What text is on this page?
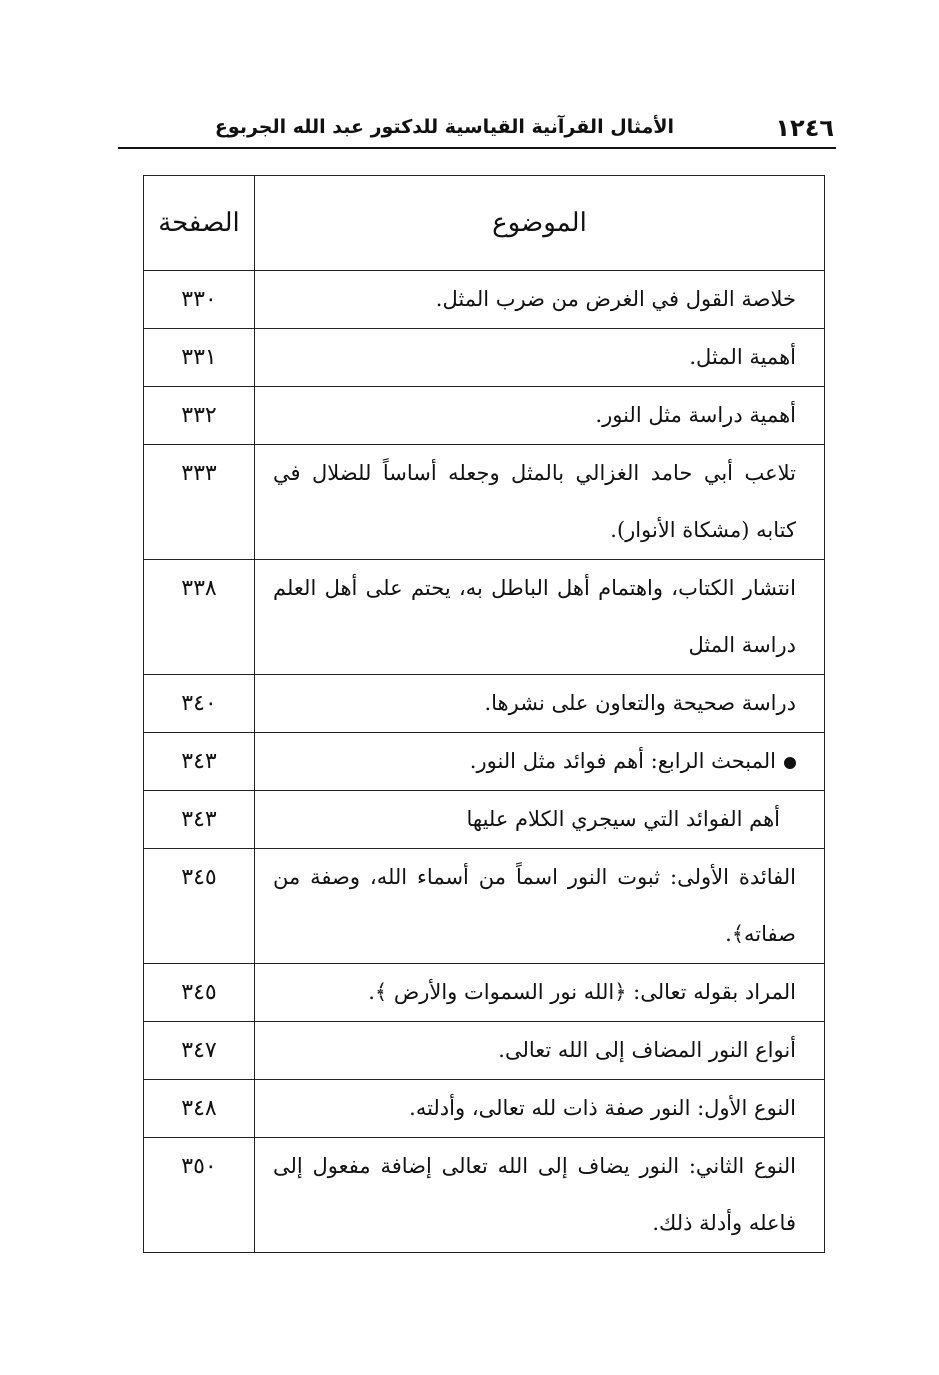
١٢٤٦
الأمثال القرآنية القياسية للدكتور عبد الله الجربوع
الموضوع	الصفحة
خلاصة القول في الغرض من ضرب المثل.	٣٣٠
أهمية المثل.	٣٣١
أهمية دراسة مثل النور.	٣٣٢
تلاعب أبي حامد الغزالي بالمثل وجعله أساساً للضلال في كتابه (مشكاة الأنوار).	٣٣٣
انتشار الكتاب، واهتمام أهل الباطل به، يحتم على أهل العلم دراسة المثل	٣٣٨
دراسة صحيحة والتعاون على نشرها.	٣٤٠
المبحث الرابع: أهم فوائد مثل النور.	٣٤٣
أهم الفوائد التي سيجري الكلام عليها	٣٤٣
الفائدة الأولى: ثبوت النور اسماً من أسماء الله، وصفة من صفاته﴾.	٣٤٥
المراد بقوله تعالى: ﴿الله نور السموات والأرض ﴾.	٣٤٥
أنواع النور المضاف إلى الله تعالى.	٣٤٧
النوع الأول: النور صفة ذات لله تعالى، وأدلته.	٣٤٨
النوع الثاني: النور يضاف إلى الله تعالى إضافة مفعول إلى فاعله وأدلة ذلك.	٣٥٠
